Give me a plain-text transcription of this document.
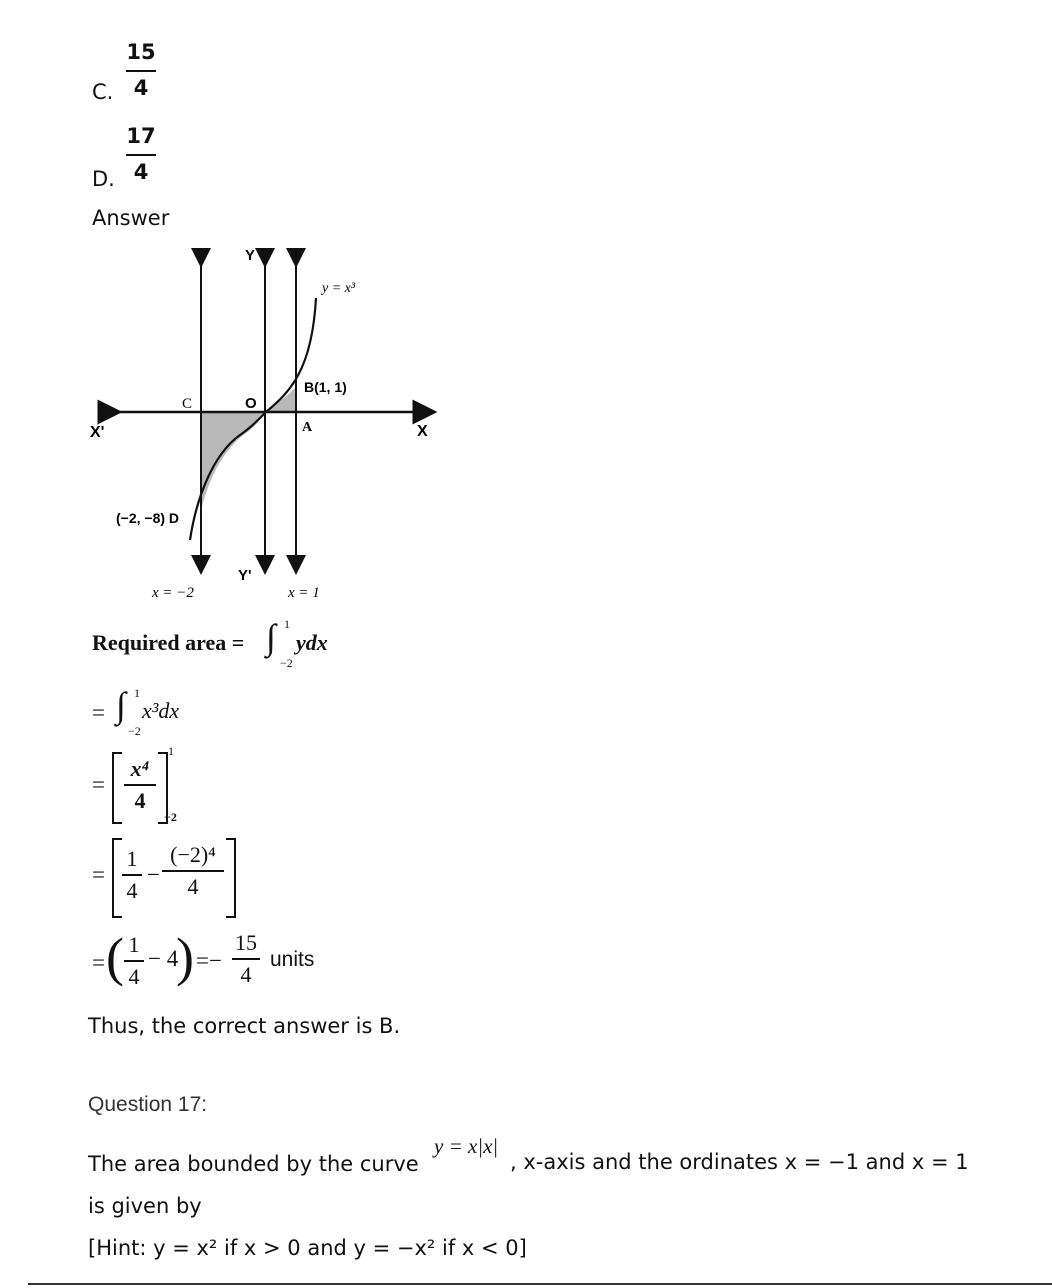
C.
15
4
D.
17
4
Answer
Y
Y'
X
X'
O
y = x³
B(1, 1)
A
C
(−2, −8) D
x = −2	x = 1
Required area = ∫ 1
−2
ydx
= ∫ 1
−2
x³dx
=
x⁴
4
1
−2
=
1
4
−
(−2)⁴
4
= ( 1
4
− 4
) =−
15
4
units
Thus, the correct answer is B.
Question 17:
The area bounded by the curve
y = x|x|
, x-axis and the ordinates x = −1 and x = 1
is given by
[Hint: y = x² if x > 0 and y = −x² if x < 0]
